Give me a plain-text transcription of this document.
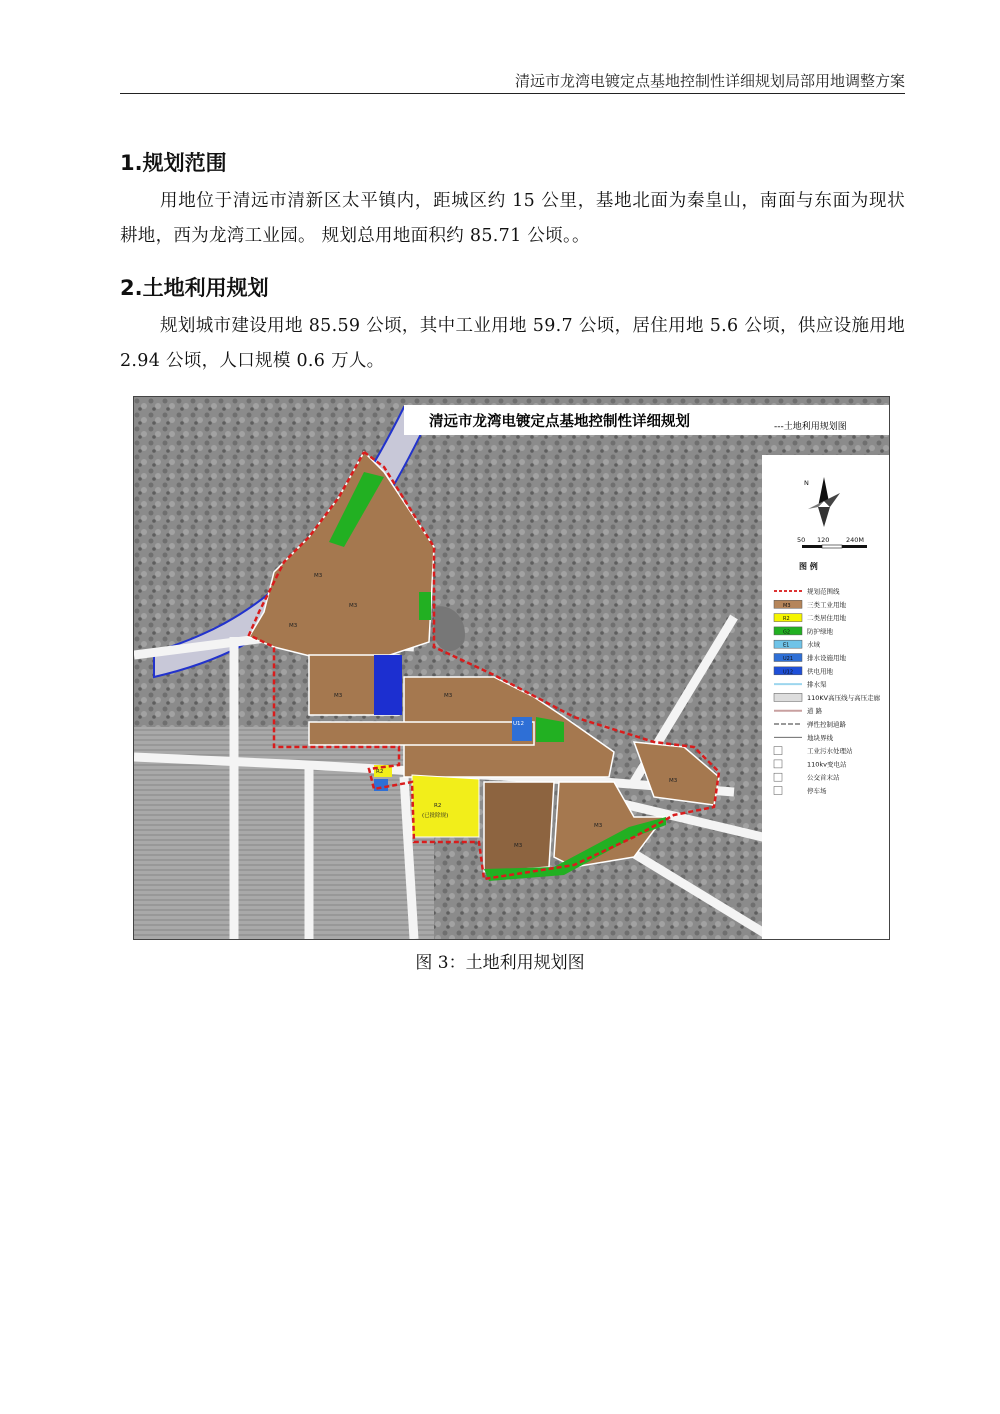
清远市龙湾电镀定点基地控制性详细规划局部用地调整方案
1.规划范围

用地位于清远市清新区太平镇内，距城区约 15 公里，基地北面为秦皇山，南面与东面为现状耕地，西为龙湾工业园。 规划总用地面积约 85.71 公顷。。

2.土地利用规划

规划城市建设用地 85.59 公顷，其中工业用地 59.7 公顷，居住用地 5.6 公顷，供应设施用地 2.94 公顷，人口规模 0.6 万人。

M3
M3
M3
M3	M3
M3
M3
M3
R2
R2
(已批除规)
U12
清远市龙湾电镀定点基地控制性详细规划	---土地利用规划图
N
50 120	240M
图 例
规划范围线
M3	三类工业用地
R2	二类居住用地
G2	防护绿地
E1	水域
U21 排水设施用地
U12 供电用地
排水渠
110KV高压线与高压走廊
道 路
弹性控制道路
地块界线
工业污水处理站
110kv变电站
公交首末站
停车场
图 3：土地利用规划图
